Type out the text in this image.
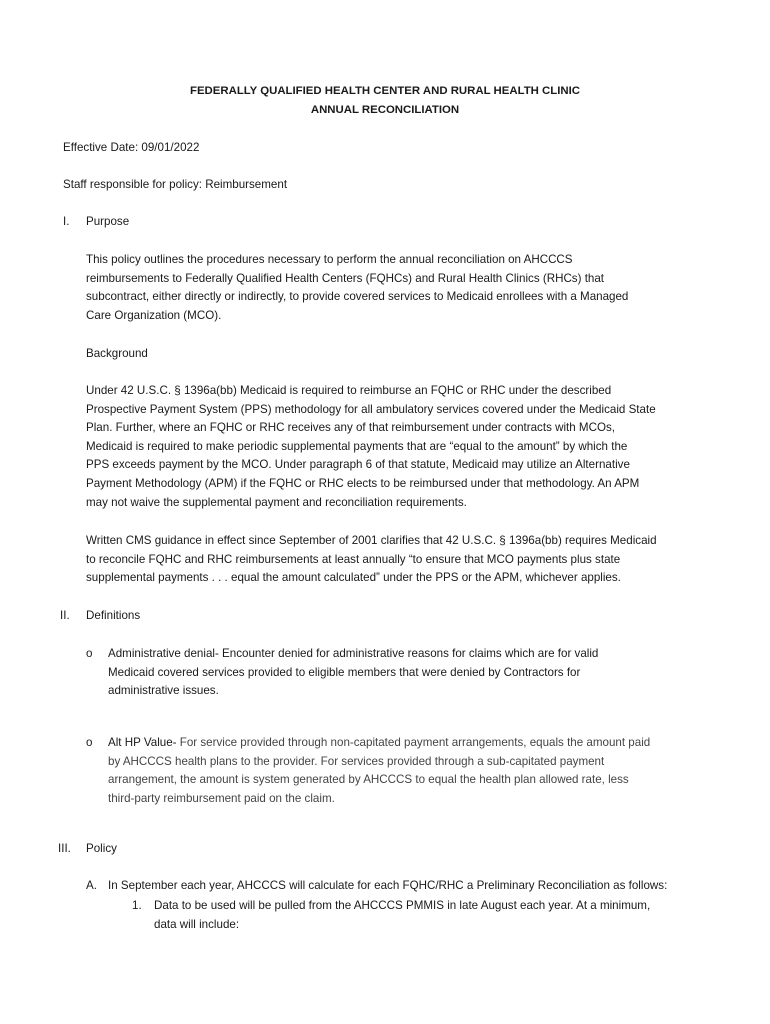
FEDERALLY QUALIFIED HEALTH CENTER AND RURAL HEALTH CLINIC
ANNUAL RECONCILIATION
Effective Date: 09/01/2022
Staff responsible for policy: Reimbursement
I. Purpose

This policy outlines the procedures necessary to perform the annual reconciliation on AHCCCS

reimbursements to Federally Qualified Health Centers (FQHCs) and Rural Health Clinics (RHCs) that

subcontract, either directly or indirectly, to provide covered services to Medicaid enrollees with a Managed

Care Organization (MCO).

Background

Under 42 U.S.C. § 1396a(bb) Medicaid is required to reimburse an FQHC or RHC under the described

Prospective Payment System (PPS) methodology for all ambulatory services covered under the Medicaid State

Plan. Further, where an FQHC or RHC receives any of that reimbursement under contracts with MCOs,

Medicaid is required to make periodic supplemental payments that are “equal to the amount” by which the

PPS exceeds payment by the MCO. Under paragraph 6 of that statute, Medicaid may utilize an Alternative

Payment Methodology (APM) if the FQHC or RHC elects to be reimbursed under that methodology. An APM

may not waive the supplemental payment and reconciliation requirements.

Written CMS guidance in effect since September of 2001 clarifies that 42 U.S.C. § 1396a(bb) requires Medicaid

to reconcile FQHC and RHC reimbursements at least annually “to ensure that MCO payments plus state

supplemental payments . . . equal the amount calculated” under the PPS or the APM, whichever applies.

II. Definitions
o	Administrative denial- Encounter denied for administrative reasons for claims which are for valid

Medicaid covered services provided to eligible members that were denied by Contractors for

administrative issues.

o	Alt HP Value- For service provided through non-capitated payment arrangements, equals the amount paid

by AHCCCS health plans to the provider. For services provided through a sub-capitated payment

arrangement, the amount is system generated by AHCCCS to equal the health plan allowed rate, less

third-party reimbursement paid on the claim.

III. Policy
A. In September each year, AHCCCS will calculate for each FQHC/RHC a Preliminary Reconciliation as follows:
1. Data to be used will be pulled from the AHCCCS PMMIS in late August each year. At a minimum,
data will include:
